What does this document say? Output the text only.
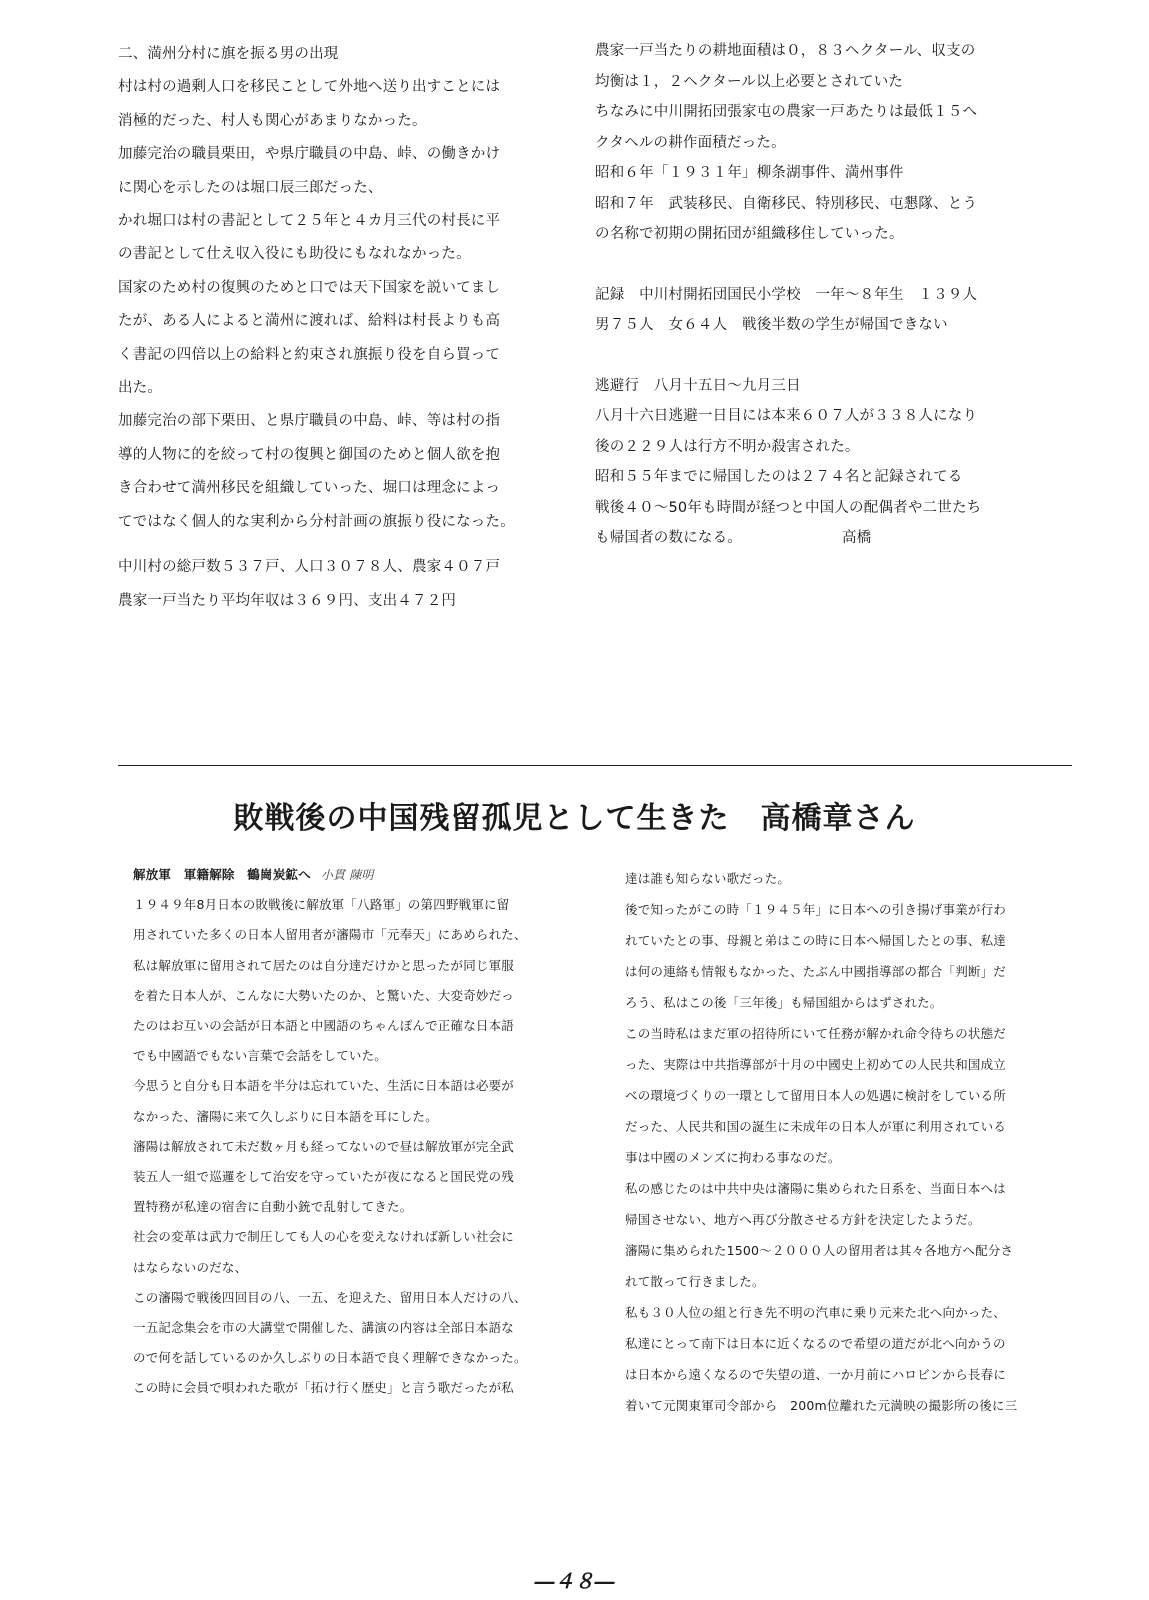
二、満州分村に旗を振る男の出現

村は村の過剰人口を移民ことして外地へ送り出すことには

消極的だった、村人も関心があまりなかった。

加藤完治の職員栗田，や県庁職員の中島、峠、の働きかけ

に関心を示したのは堀口辰三郎だった、

かれ堀口は村の書記として２５年と４カ月三代の村長に平

の書記として仕え収入役にも助役にもなれなかった。

国家のため村の復興のためと口では天下国家を説いてまし

たが、ある人によると満州に渡れば、給料は村長よりも高

く書記の四倍以上の給料と約束され旗振り役を自ら買って

出た。

加藤完治の部下栗田、と県庁職員の中島、峠、等は村の指

導的人物に的を絞って村の復興と御国のためと個人欲を抱

き合わせて満州移民を組織していった、堀口は理念によっ

てではなく個人的な実利から分村計画の旗振り役になった。

中川村の総戸数５３７戸、人口３０７８人、農家４０７戸

農家一戸当たり平均年収は３６９円、支出４７２円

農家一戸当たりの耕地面積は０，８３ヘクタール、収支の

均衡は１，２ヘクタール以上必要とされていた

ちなみに中川開拓団張家屯の農家一戸あたりは最低１５へ

クタヘルの耕作面積だった。

昭和６年「１９３１年」柳条湖事件、満州事件

昭和７年　武装移民、自衛移民、特別移民、屯懇隊、とう

の名称で初期の開拓団が組織移住していった。

記録　中川村開拓団国民小学校　一年～８年生　１３９人

男７５人　女６４人　戦後半数の学生が帰国できない

逃避行　八月十五日～九月三日

八月十六日逃避一日目には本来６０７人が３３８人になり

後の２２９人は行方不明か殺害された。

昭和５５年までに帰国したのは２７４名と記録されてる

戦後４０～50年も時間が経つと中国人の配偶者や二世たち

も帰国者の数になる。	高橋

敗戦後の中国残留孤児として生きた　高橋章さん

解放軍　軍籍解除　鶴崗炭鉱へ 小貫 陳明

１９４９年8月日本の敗戦後に解放軍「八路軍」の第四野戦軍に留

用されていた多くの日本人留用者が瀋陽市「元奉天」にあめられた、

私は解放軍に留用されて居たのは自分達だけかと思ったが同じ軍服

を着た日本人が、こんなに大勢いたのか、と驚いた、大変奇妙だっ

たのはお互いの会話が日本語と中國語のちゃんぽんで正確な日本語

でも中國語でもない言葉で会話をしていた。

今思うと自分も日本語を半分は忘れていた、生活に日本語は必要が

なかった、瀋陽に来て久しぶりに日本語を耳にした。

瀋陽は解放されて未だ数ヶ月も経ってないので昼は解放軍が完全武

装五人一組で巡邏をして治安を守っていたが夜になると国民党の残

置特務が私達の宿舎に自動小銃で乱射してきた。

社会の変革は武力で制圧しても人の心を変えなければ新しい社会に

はならないのだな、

この瀋陽で戦後四回目の八、一五、を迎えた、留用日本人だけの八、

一五記念集会を市の大講堂で開催した、講演の内容は全部日本語な

ので何を話しているのか久しぶりの日本語で良く理解できなかった。

この時に会員で唄われた歌が「拓け行く歴史」と言う歌だったが私

達は誰も知らない歌だった。

後で知ったがこの時「１９４５年」に日本への引き揚げ事業が行わ

れていたとの事、母親と弟はこの時に日本へ帰国したとの事、私達

は何の連絡も情報もなかった、たぶん中國指導部の都合「判断」だ

ろう、私はこの後「三年後」も帰国組からはずされた。

この当時私はまだ軍の招待所にいて任務が解かれ命令待ちの状態だ

った、実際は中共指導部が十月の中國史上初めての人民共和国成立

べの環境づくりの一環として留用日本人の処遇に検討をしている所

だった、人民共和国の誕生に未成年の日本人が軍に利用されている

事は中國のメンズに拘わる事なのだ。

私の感じたのは中共中央は瀋陽に集められた日系を、当面日本へは

帰国させない、地方へ再び分散させる方針を決定したようだ。

瀋陽に集められた1500～２０００人の留用者は其々各地方へ配分さ

れて散って行きました。

私も３０人位の組と行き先不明の汽車に乗り元来た北へ向かった、

私達にとって南下は日本に近くなるので希望の道だが北へ向かうの

は日本から遠くなるので失望の道、一か月前にハロビンから長春に

着いて元関東軍司令部から　200m位離れた元満映の撮影所の後に三

―４８―
